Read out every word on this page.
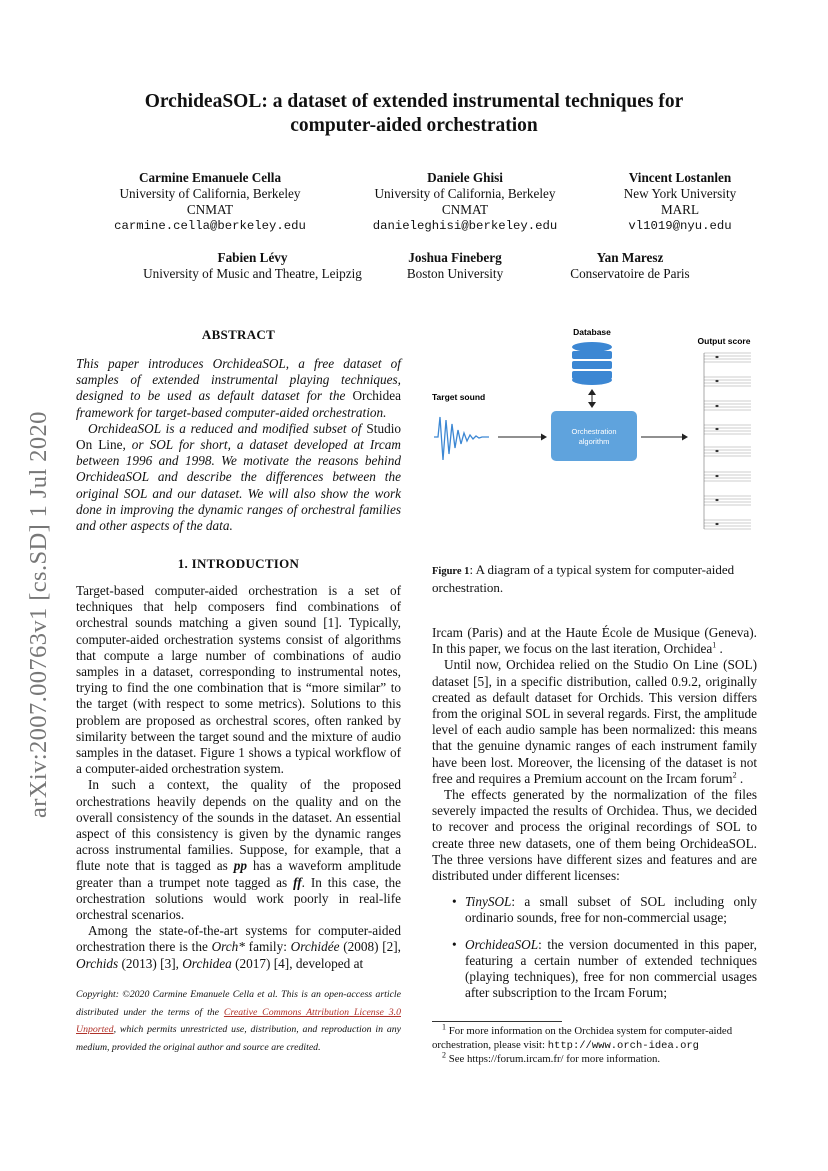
OrchideaSOL: a dataset of extended instrumental techniques for
computer-aided orchestration
Carmine Emanuele Cella
University of California, Berkeley
CNMAT
carmine.cella@berkeley.edu
Daniele Ghisi
University of California, Berkeley
CNMAT
danieleghisi@berkeley.edu
Vincent Lostanlen
New York University
MARL
vl1019@nyu.edu
Fabien Lévy
University of Music and Theatre, Leipzig
Joshua Fineberg
Boston University
Yan Maresz
Conservatoire de Paris
arXiv:2007.00763v1 [cs.SD] 1 Jul 2020
ABSTRACT

This paper introduces OrchideaSOL, a free dataset of samples of extended instrumental playing techniques, designed to be used as default dataset for the Orchidea framework for target-based computer-aided orchestration.

OrchideaSOL is a reduced and modified subset of Studio On Line, or SOL for short, a dataset developed at Ircam between 1996 and 1998. We motivate the reasons behind OrchideaSOL and describe the differences between the original SOL and our dataset. We will also show the work done in improving the dynamic ranges of orchestral families and other aspects of the data.

1. INTRODUCTION

Target-based computer-aided orchestration is a set of techniques that help composers find combinations of orchestral sounds matching a given sound [1]. Typically, computer-aided orchestration systems consist of algorithms that compute a large number of combinations of audio samples in a dataset, corresponding to instrumental notes, trying to find the one combination that is “more similar” to the target (with respect to some metrics). Solutions to this problem are proposed as orchestral scores, often ranked by similarity between the target sound and the mixture of audio samples in the dataset. Figure 1 shows a typical workflow of a computer-aided orchestration system.

In such a context, the quality of the proposed orchestrations heavily depends on the quality and on the overall consistency of the sounds in the dataset. An essential aspect of this consistency is given by the dynamic ranges across instrumental families. Suppose, for example, that a flute note that is tagged as pp has a waveform amplitude greater than a trumpet note tagged as ff. In this case, the orchestration solutions would work poorly in real-life orchestral scenarios.

Among the state-of-the-art systems for computer-aided orchestration there is the Orch* family: Orchidée (2008) [2], Orchids (2013) [3], Orchidea (2017) [4], developed at

Copyright: ©2020 Carmine Emanuele Cella et al. This is an open-access article distributed under the terms of the Creative Commons Attribution License 3.0 Unported, which permits unrestricted use, distribution, and reproduction in any medium, provided the original author and source are credited.
Database
Target sound
Orchestration
algorithm
Output score
Figure 1: A diagram of a typical system for computer-aided orchestration.

Ircam (Paris) and at the Haute École de Musique (Geneva). In this paper, we focus on the last iteration, Orchidea$^1$ .

Until now, Orchidea relied on the Studio On Line (SOL) dataset [5], in a specific distribution, called 0.9.2, originally created as default dataset for Orchids. This version differs from the original SOL in several regards. First, the amplitude level of each audio sample has been normalized: this means that the genuine dynamic ranges of each instrument family have been lost. Moreover, the licensing of the dataset is not free and requires a Premium account on the Ircam forum$^2$ .

The effects generated by the normalization of the files severely impacted the results of Orchidea. Thus, we decided to recover and process the original recordings of SOL to create three new datasets, one of them being OrchideaSOL. The three versions have different sizes and features and are distributed under different licenses:

• TinySOL: a small subset of SOL including only ordinario sounds, free for non-commercial usage;
• OrchideaSOL: the version documented in this paper, featuring a certain number of extended techniques (playing techniques), free for non commercial usages after subscription to the Ircam Forum;
$^1$ For more information on the Orchidea system for computer-aided orchestration, please visit: http://www.orch-idea.org
$^2$ See https://forum.ircam.fr/ for more information.
